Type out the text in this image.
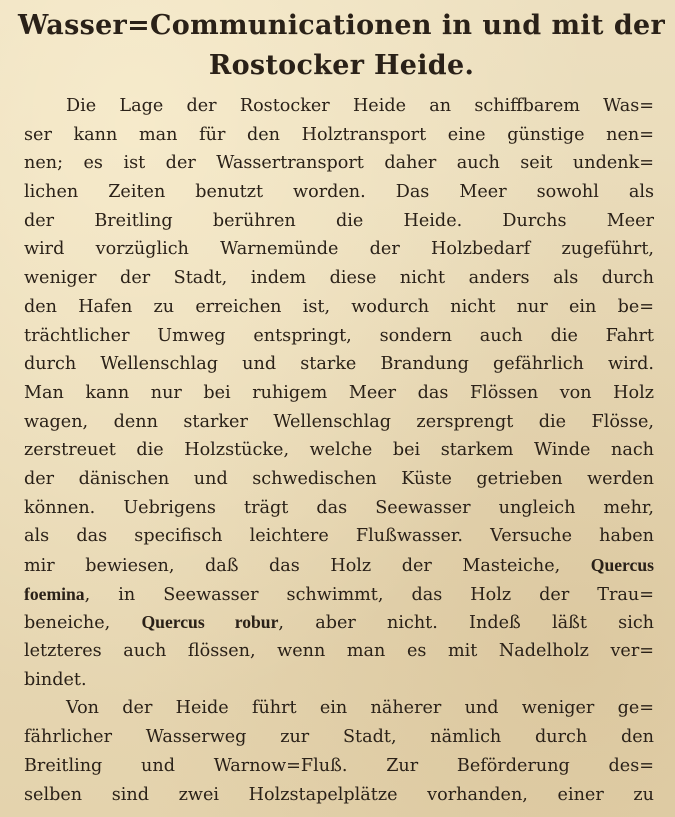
Wasser=Communicationen in und mit der
Rostocker Heide.
Die Lage der Rostocker Heide an schiffbarem Was=
ser kann man für den Holztransport eine günstige nen=
nen; es ist der Wassertransport daher auch seit undenk=
lichen Zeiten benutzt worden. Das Meer sowohl als
der Breitling berühren die Heide. Durchs Meer
wird vorzüglich Warnemünde der Holzbedarf zugeführt,
weniger der Stadt, indem diese nicht anders als durch
den Hafen zu erreichen ist, wodurch nicht nur ein be=
trächtlicher Umweg entspringt, sondern auch die Fahrt
durch Wellenschlag und starke Brandung gefährlich wird.
Man kann nur bei ruhigem Meer das Flössen von Holz
wagen, denn starker Wellenschlag zersprengt die Flösse,
zerstreuet die Holzstücke, welche bei starkem Winde nach
der dänischen und schwedischen Küste getrieben werden
können. Uebrigens trägt das Seewasser ungleich mehr,
als das specifisch leichtere Flußwasser. Versuche haben
mir bewiesen, daß das Holz der Masteiche, Quercus
foemina, in Seewasser schwimmt, das Holz der Trau=
beneiche, Quercus robur, aber nicht. Indeß läßt sich
letzteres auch flössen, wenn man es mit Nadelholz ver=
bindet.
Von der Heide führt ein näherer und weniger ge=
fährlicher Wasserweg zur Stadt, nämlich durch den
Breitling und Warnow=Fluß. Zur Beförderung des=
selben sind zwei Holzstapelplätze vorhanden, einer zu
